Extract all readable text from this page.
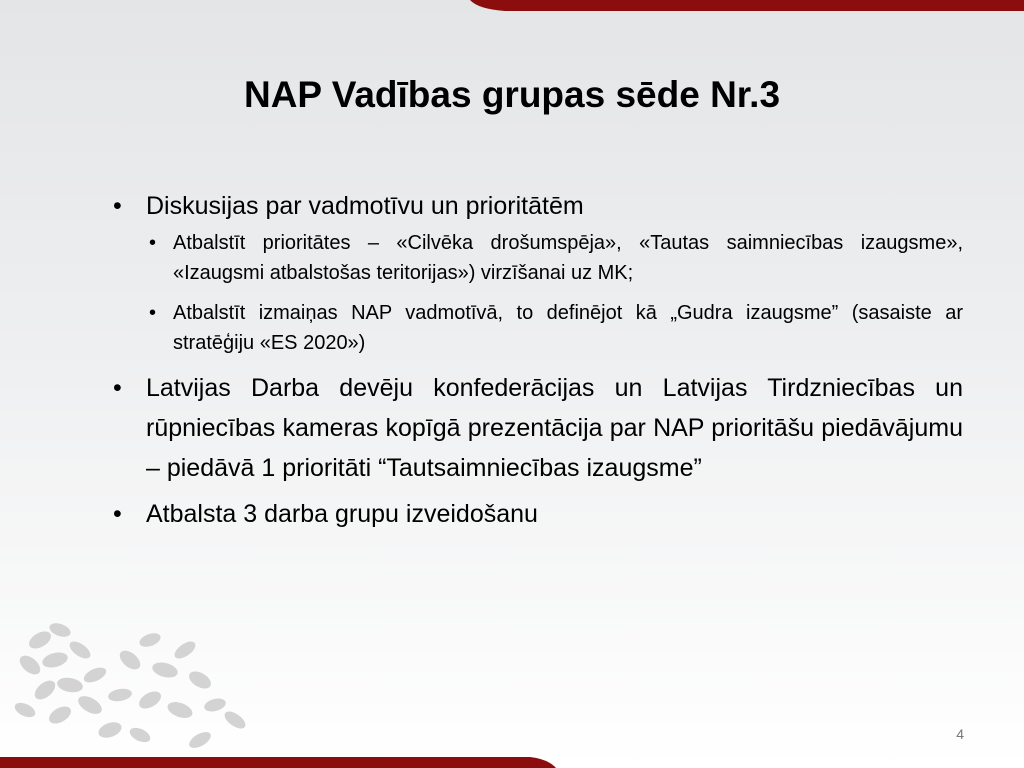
NAP Vadības grupas sēde Nr.3
• Diskusijas par vadmotīvu un prioritātēm
• Atbalstīt prioritātes – «Cilvēka drošumspēja», «Tautas saimniecības izaugsme», «Izaugsmi atbalstošas teritorijas») virzīšanai uz MK;
• Atbalstīt izmaiņas NAP vadmotīvā, to definējot kā „Gudra izaugsme” (sasaiste ar stratēģiju «ES 2020»)
• Latvijas Darba devēju konfederācijas un Latvijas Tirdzniecības un rūpniecības kameras kopīgā prezentācija par NAP prioritāšu piedāvājumu – piedāvā 1 prioritāti “Tautsaimniecības izaugsme”
• Atbalsta 3 darba grupu izveidošanu
4
